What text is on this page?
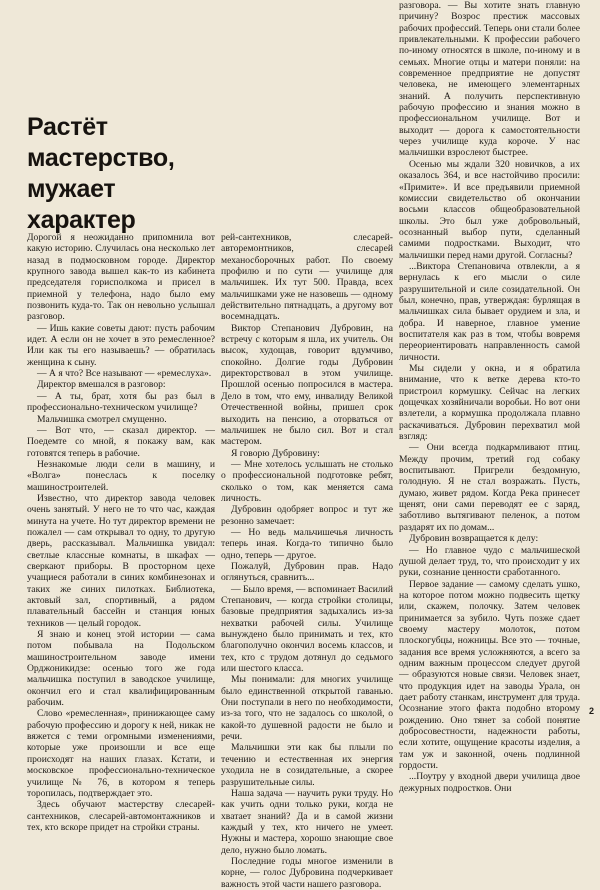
Растёт
мастерство,
мужает
характер

Дорогой я неожиданно припомнила вот какую историю. Случилась она несколько лет назад в подмосковном городе. Директор крупного завода вышел как-то из кабинета председателя горисполкома и присел в приемной у телефона, надо было ему позвонить куда-то. Так он невольно услышал разговор.

— Ишь какие советы дают: пусть рабочим идет. А если он не хочет в это ремесленное? Или как ты его называешь? — обратилась женщина к сыну.

— А я что? Все называют — «ремеслуха».

Директор вмешался в разговор:

— А ты, брат, хотя бы раз был в профессионально-техническом училище?

Мальчишка смотрел смущенно.

— Вот что, — сказал директор. — Поедемте со мной, я покажу вам, как готовятся теперь в рабочие.

Незнакомые люди сели в машину, и «Волга» понеслась к поселку машиностроителей.

Известно, что директор завода человек очень занятый. У него не то что час, каждая минута на учете. Но тут директор времени не пожалел — сам открывал то одну, то другую дверь, рассказывал. Мальчишка увидал: светлые классные комнаты, в шкафах — сверкают приборы. В просторном цехе учащиеся работали в синих комбинезонах и таких же синих пилотках. Библиотека, актовый зал, спортивный, а рядом плавательный бассейн и станция юных техников — целый городок.

Я знаю и конец этой истории — сама потом побывала на Подольском машиностроительном заводе имени Орджоникидзе: осенью того же года мальчишка поступил в заводское училище, окончил его и стал квалифицированным рабочим.

Слово «ремесленная», принижающее саму рабочую профессию и дорогу к ней, никак не вяжется с теми огромными изменениями, которые уже произошли и все еще происходят на наших глазах. Кстати, и московское профессионально-техническое училище № 76, в котором я теперь торопилась, подтверждает это.

Здесь обучают мастерству слесарей-сантехников, слесарей-автомонтажников и тех, кто вскоре придет на стройки страны.

рей-сантехников, слесарей-авторемонтников, слесарей механосборочных работ. По своему профилю и по сути — училище для мальчишек. Их тут 500. Правда, всех мальчишками уже не назовешь — одному действительно пятнадцать, а другому вот восемнадцать.

Виктор Степанович Дубровин, на встречу с которым я шла, их учитель. Он высок, худощав, говорит вдумчиво, спокойно. Долгие годы Дубровин директорствовал в этом училище. Прошлой осенью попросился в мастера. Дело в том, что ему, инвалиду Великой Отечественной войны, пришел срок выходить на пенсию, а оторваться от мальчишек не было сил. Вот и стал мастером.

Я говорю Дубровину:

— Мне хотелось услышать не столько о профессиональной подготовке ребят, сколько о том, как меняется сама личность.

Дубровин одобряет вопрос и тут же резонно замечает:

— Но ведь мальчишечья личность теперь иная. Когда-то типично было одно, теперь — другое.

Пожалуй, Дубровин прав. Надо оглянуться, сравнить...

— Было время, — вспоминает Василий Степанович, — когда стройки столицы, базовые предприятия задыхались из-за нехватки рабочей силы. Училище вынуждено было принимать и тех, кто благополучно окончил восемь классов, и тех, кто с трудом дотянул до седьмого или шестого класса.

Мы понимали: для многих училище было единственной открытой гаванью. Они поступали в него по необходимости, из-за того, что не задалось со школой, о какой-то душевной радости не было и речи.

Мальчишки эти как бы плыли по течению и естественная их энергия уходила не в созидательные, а скорее разрушительные силы.

Наша задача — научить руки труду. Но как учить одни только руки, когда не хватает знаний? Да и в самой жизни каждый у тех, кто ничего не умеет. Нужны и мастера, хорошо знающие свое дело, нужно было ломать.

Последние годы многое изменили в корне, — голос Дубровина подчеркивает важность этой части нашего разговора.

разговора. — Вы хотите знать главную причину? Возрос престиж массовых рабочих профессий. Теперь они стали более привлекательными. К профессии рабочего по-иному относятся в школе, по-иному и в семьях. Многие отцы и матери поняли: на современное предприятие не допустят человека, не имеющего элементарных знаний. А получить перспективную рабочую профессию и знания можно в профессиональном училище. Вот и выходит — дорога к самостоятельности через училище куда короче. У нас мальчишки взрослеют быстрее.

Осенью мы ждали 320 новичков, а их оказалось 364, и все настойчиво просили: «Примите». И все предъявили приемной комиссии свидетельство об окончании восьми классов общеобразовательной школы. Это был уже добровольный, осознанный выбор пути, сделанный самими подростками. Выходит, что мальчишки перед нами другой. Согласны?

...Виктора Степановича отвлекли, а я вернулась к его мысли о силе разрушительной и силе созидательной. Он был, конечно, прав, утверждая: бурлящая в мальчишках сила бывает орудием и зла, и добра. И наверное, главное умение воспитателя как раз в том, чтобы вовремя переориентировать направленность самой личности.

Мы сидели у окна, и я обратила внимание, что к ветке дерева кто-то пристроил кормушку. Сейчас на легких дощечках хозяйничали воробьи. Но вот они взлетели, а кормушка продолжала плавно раскачиваться. Дубровин перехватил мой взгляд:

— Они всегда подкармливают птиц. Между прочим, третий год собаку воспитывают. Пригрели бездомную, голодную. Я не стал возражать. Пусть, думаю, живет рядом. Когда Река принесет щенят, они сами переводят ее с заряд, заботливо вытягивают пеленок, а потом раздарят их по домам...

Дубровин возвращается к делу:

— Но главное чудо с мальчишеской душой делает труд, то, что происходит у их руки, сознание ценности сработанного.

Первое задание — самому сделать ушко, на которое потом можно подвесить щетку или, скажем, полочку. Затем человек принимается за зубило. Чуть позже сдает своему мастеру молоток, потом плоскогубцы, ножницы. Все это — точные, задания все время усложняются, а всего за одним важным процессом следует другой — образуются новые связи. Человек знает, что продукция идет на заводы Урала, он дает работу станкам, инструмент для труда. Осознание этого факта подобно второму рождению. Оно тянет за собой понятие добросовестности, надежности работы, если хотите, ощущение красоты изделия, а там уж и законной, очень подлинной гордости.

...Поутру у входной двери училища двое дежурных подростков. Они

2
